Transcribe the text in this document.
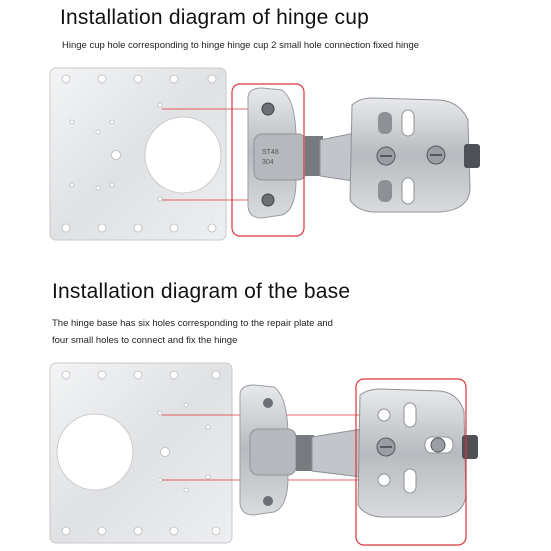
Installation diagram of hinge cup
Hinge cup hole corresponding to hinge hinge cup 2 small hole connection fixed hinge
ST48
304
Installation diagram of the base
The hinge base has six holes corresponding to the repair plate and
four small holes to connect and fix the hinge
